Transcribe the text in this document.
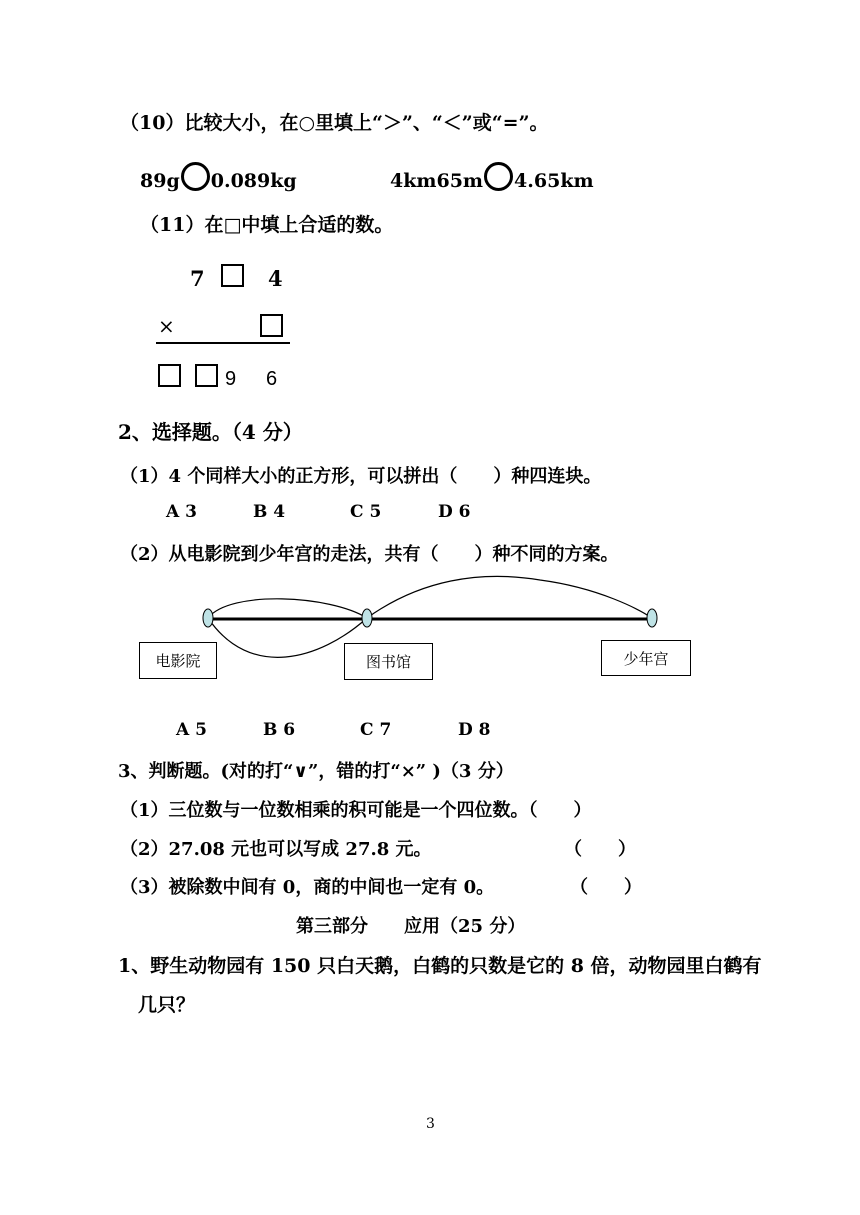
（10）比较大小，在○里填上“＞”、“＜”或“=”。
89g 0.089kg	4km65m 4.65km
（11）在□中填上合适的数。
7	4
×
9 6
2、选择题。（4 分）
（1）4 个同样大小的正方形，可以拼出（　　）种四连块。
A 3	B 4	C 5	D 6
（2）从电影院到少年宫的走法，共有（　　）种不同的方案。
电影院	图书馆	少年宫
A 5	B 6	C 7	D 8
3、判断题。(对的打“∨”，错的打“×” )（3 分）
（1）三位数与一位数相乘的积可能是一个四位数。（　　）
（2）27.08 元也可以写成 27.8 元。	（　　）
（3）被除数中间有 0，商的中间也一定有 0。	（　　）
第三部分　　应用（25 分）
1、野生动物园有 150 只白天鹅，白鹤的只数是它的 8 倍，动物园里白鹤有
几只？
3
